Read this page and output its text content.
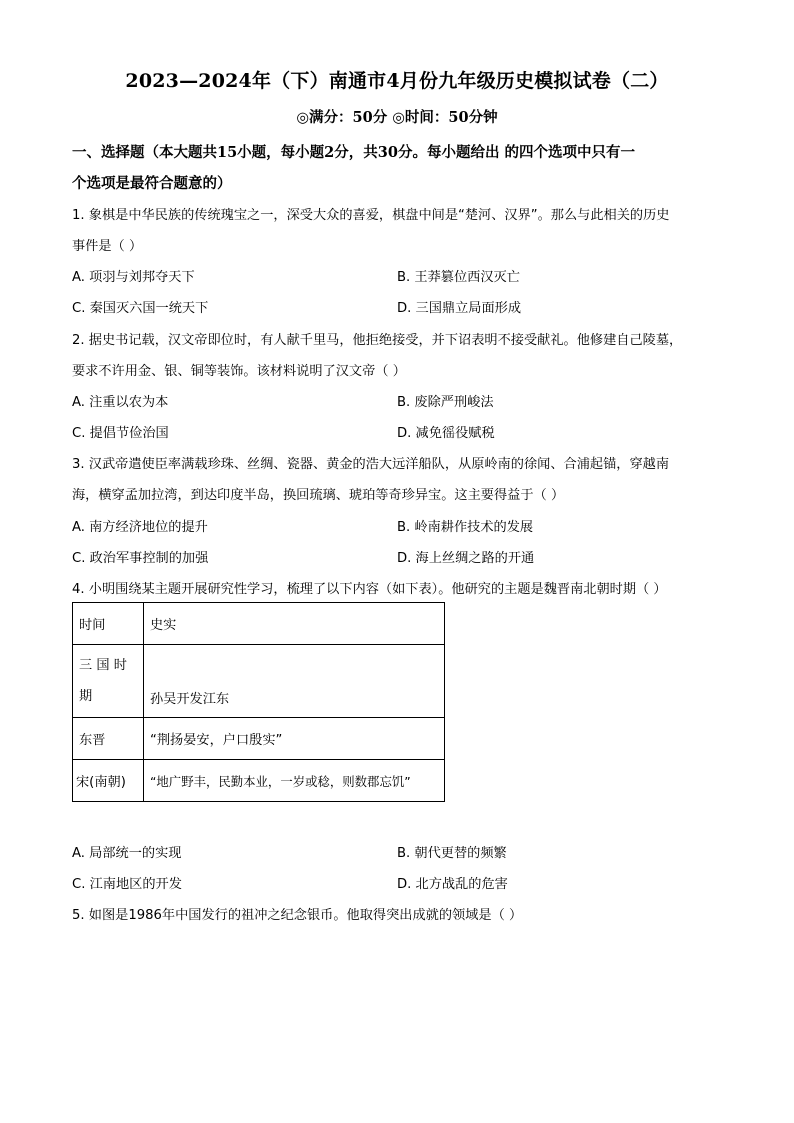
2023—2024年（下）南通市4月份九年级历史模拟试卷（二）
◎满分：50分 ◎时间：50分钟
一、选择题（本大题共15小题，每小题2分，共30分。每小题给出 的四个选项中只有一
个选项是最符合题意的）
1. 象棋是中华民族的传统瑰宝之一，深受大众的喜爱，棋盘中间是“楚河、汉界”。那么与此相关的历史
事件是（ ）
A. 项羽与刘邦夺天下	B. 王莽篡位西汉灭亡
C. 秦国灭六国一统天下	D. 三国鼎立局面形成
2. 据史书记载，汉文帝即位时，有人献千里马，他拒绝接受，并下诏表明不接受献礼。他修建自己陵墓，
要求不许用金、银、铜等装饰。该材料说明了汉文帝（ ）
A. 注重以农为本	B. 废除严刑峻法
C. 提倡节俭治国	D. 减免徭役赋税
3. 汉武帝遣使臣率满载珍珠、丝绸、瓷器、黄金的浩大远洋船队，从原岭南的徐闻、合浦起锚，穿越南
海，横穿孟加拉湾，到达印度半岛，换回琉璃、琥珀等奇珍异宝。这主要得益于（ ）
A. 南方经济地位的提升	B. 岭南耕作技术的发展
C. 政治军事控制的加强	D. 海上丝绸之路的开通
4. 小明围绕某主题开展研究性学习，梳理了以下内容（如下表）。他研究的主题是魏晋南北朝时期（ ）
时间	史实

三 国 时
期	孙吴开发江东
东晋	“荆扬晏安，户口殷实”
宋(南朝)	“地广野丰，民勤本业，一岁或稔，则数郡忘饥”
A. 局部统一的实现	B. 朝代更替的频繁
C. 江南地区的开发	D. 北方战乱的危害
5. 如图是1986年中国发行的祖冲之纪念银币。他取得突出成就的领域是（ ）
